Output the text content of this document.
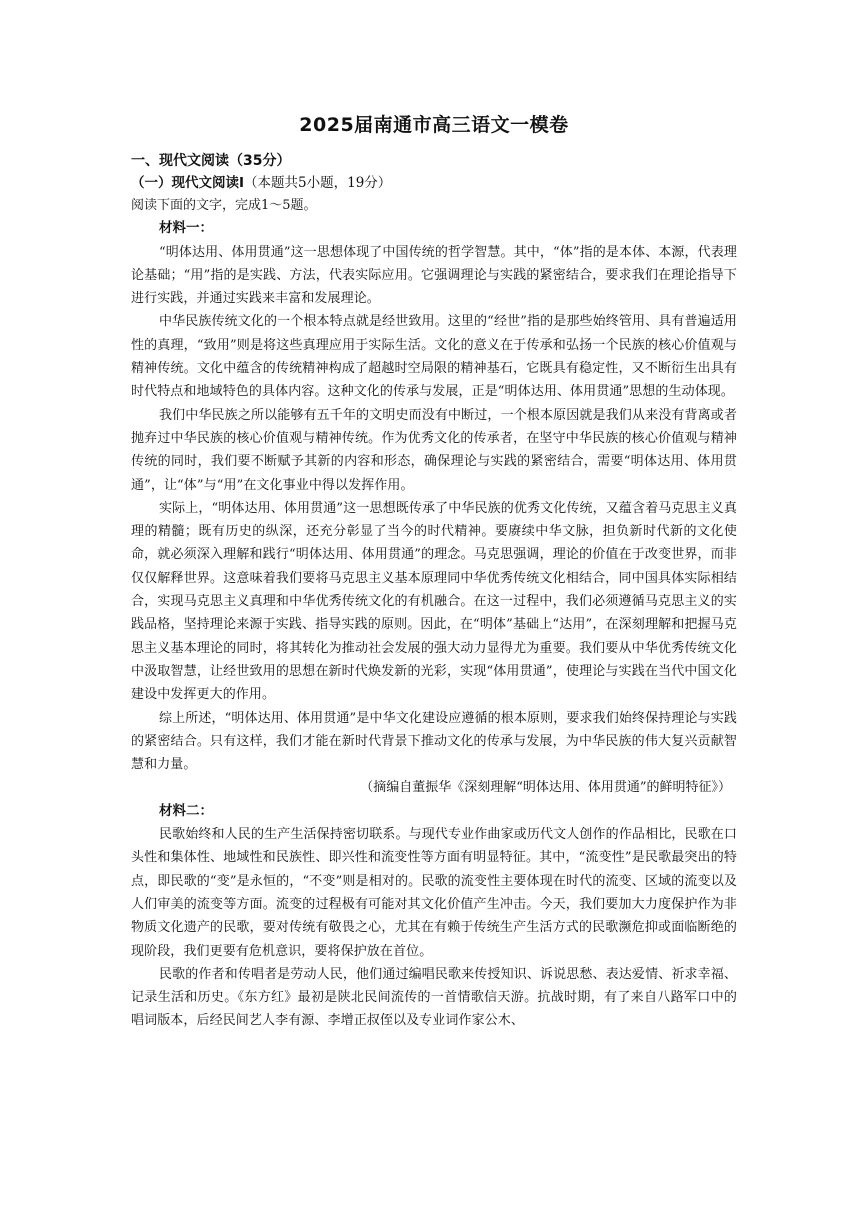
2025届南通市高三语文一模卷
一、现代文阅读（35分）
（一）现代文阅读Ⅰ（本题共5小题，19分）
阅读下面的文字，完成1～5题。
材料一：
“明体达用、体用贯通”这一思想体现了中国传统的哲学智慧。其中，“体”指的是本体、本源，代表理论基础；“用”指的是实践、方法，代表实际应用。它强调理论与实践的紧密结合，要求我们在理论指导下进行实践，并通过实践来丰富和发展理论。
中华民族传统文化的一个根本特点就是经世致用。这里的“经世”指的是那些始终管用、具有普遍适用性的真理，“致用”则是将这些真理应用于实际生活。文化的意义在于传承和弘扬一个民族的核心价值观与精神传统。文化中蕴含的传统精神构成了超越时空局限的精神基石，它既具有稳定性，又不断衍生出具有时代特点和地域特色的具体内容。这种文化的传承与发展，正是“明体达用、体用贯通”思想的生动体现。
我们中华民族之所以能够有五千年的文明史而没有中断过，一个根本原因就是我们从来没有背离或者抛弃过中华民族的核心价值观与精神传统。作为优秀文化的传承者，在坚守中华民族的核心价值观与精神传统的同时，我们要不断赋予其新的内容和形态，确保理论与实践的紧密结合，需要“明体达用、体用贯通”，让“体”与“用”在文化事业中得以发挥作用。
实际上，“明体达用、体用贯通”这一思想既传承了中华民族的优秀文化传统，又蕴含着马克思主义真理的精髓；既有历史的纵深，还充分彰显了当今的时代精神。要赓续中华文脉，担负新时代新的文化使命，就必须深入理解和践行“明体达用、体用贯通”的理念。马克思强调，理论的价值在于改变世界，而非仅仅解释世界。这意味着我们要将马克思主义基本原理同中华优秀传统文化相结合，同中国具体实际相结合，实现马克思主义真理和中华优秀传统文化的有机融合。在这一过程中，我们必须遵循马克思主义的实践品格，坚持理论来源于实践、指导实践的原则。因此，在“明体”基础上“达用”，在深刻理解和把握马克思主义基本理论的同时，将其转化为推动社会发展的强大动力显得尤为重要。我们要从中华优秀传统文化中汲取智慧，让经世致用的思想在新时代焕发新的光彩，实现“体用贯通”，使理论与实践在当代中国文化建设中发挥更大的作用。
综上所述，“明体达用、体用贯通”是中华文化建设应遵循的根本原则，要求我们始终保持理论与实践的紧密结合。只有这样，我们才能在新时代背景下推动文化的传承与发展，为中华民族的伟大复兴贡献智慧和力量。
（摘编自董振华《深刻理解“明体达用、体用贯通”的鲜明特征》）
材料二：
民歌始终和人民的生产生活保持密切联系。与现代专业作曲家或历代文人创作的作品相比，民歌在口头性和集体性、地域性和民族性、即兴性和流变性等方面有明显特征。其中，“流变性”是民歌最突出的特点，即民歌的“变”是永恒的，“不变”则是相对的。民歌的流变性主要体现在时代的流变、区域的流变以及人们审美的流变等方面。流变的过程极有可能对其文化价值产生冲击。今天，我们要加大力度保护作为非物质文化遗产的民歌，要对传统有敬畏之心，尤其在有赖于传统生产生活方式的民歌濒危抑或面临断绝的现阶段，我们更要有危机意识，要将保护放在首位。
民歌的作者和传唱者是劳动人民，他们通过编唱民歌来传授知识、诉说思愁、表达爱情、祈求幸福、记录生活和历史。《东方红》最初是陕北民间流传的一首情歌信天游。抗战时期，有了来自八路军口中的唱词版本，后经民间艺人李有源、李增正叔侄以及专业词作家公木、
